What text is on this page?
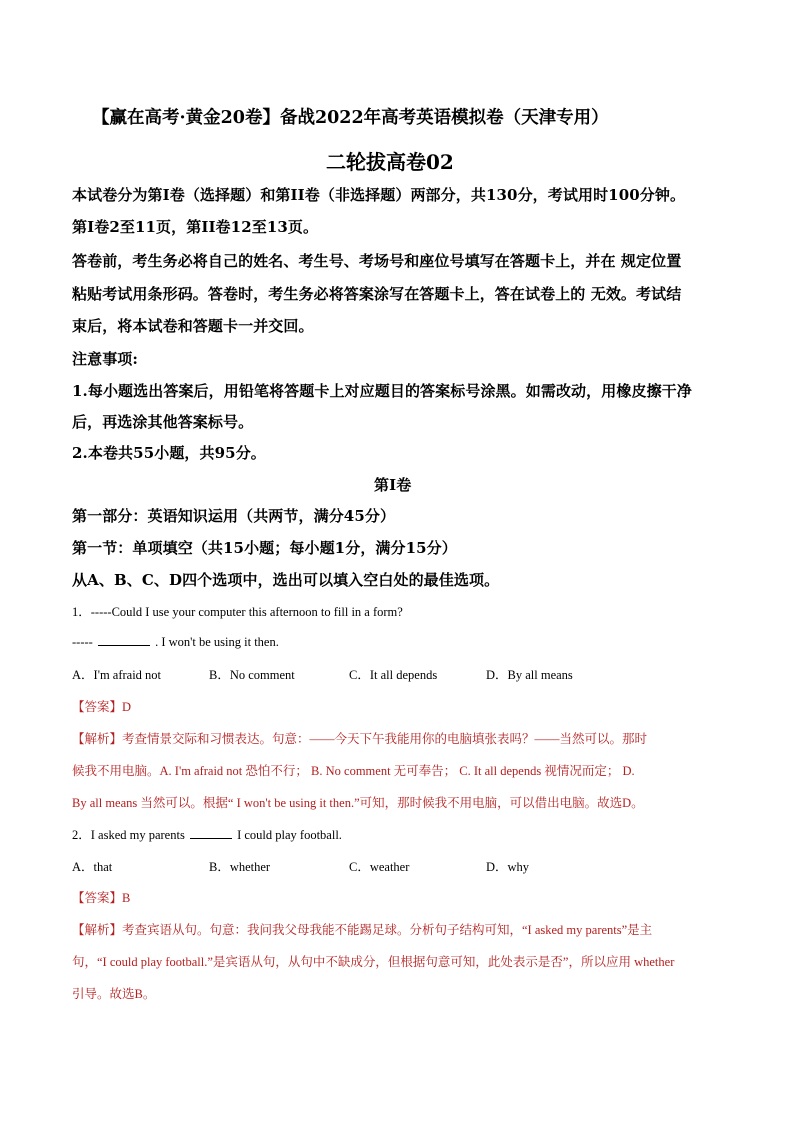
【赢在高考·黄金20卷】备战2022年高考英语模拟卷（天津专用）
二轮拔高卷02
本试卷分为第I卷（选择题）和第II卷（非选择题）两部分，共130分，考试用时100分钟。
第I卷2至11页，第II卷12至13页。
答卷前，考生务必将自己的姓名、考生号、考场号和座位号填写在答题卡上，并在 规定位置
粘贴考试用条形码。答卷时，考生务必将答案涂写在答题卡上，答在试卷上的 无效。考试结
束后，将本试卷和答题卡一并交回。
注意事项:
1.每小题选出答案后，用铅笔将答题卡上对应题目的答案标号涂黑。如需改动，用橡皮擦干净
后，再选涂其他答案标号。
2.本卷共55小题，共95分。
第I卷
第一部分：英语知识运用（共两节，满分45分）
第一节：单项填空（共15小题；每小题1分，满分15分）
从A、B、C、D四个选项中，选出可以填入空白处的最佳选项。
1．-----Could I use your computer this afternoon to fill in a form?
-----	. I won't be using it then.
A．I'm afraid not	B．No comment	C．It all depends	D．By all means
【答案】D
【解析】考查情景交际和习惯表达。句意：——今天下午我能用你的电脑填张表吗？——当然可以。那时
候我不用电脑。A. I'm afraid not 恐怕不行； B. No comment 无可奉告； C. It all depends 视情况而定； D.
By all means 当然可以。根据“ I won't be using it then.”可知，那时候我不用电脑，可以借出电脑。故选D。
2．I asked my parents	I could play football.
A．that	B．whether	C．weather	D．why
【答案】B
【解析】考查宾语从句。句意：我问我父母我能不能踢足球。分析句子结构可知，“I asked my parents”是主
句，“I could play football.”是宾语从句，从句中不缺成分，但根据句意可知，此处表示是否”，所以应用 whether
引导。故选B。
